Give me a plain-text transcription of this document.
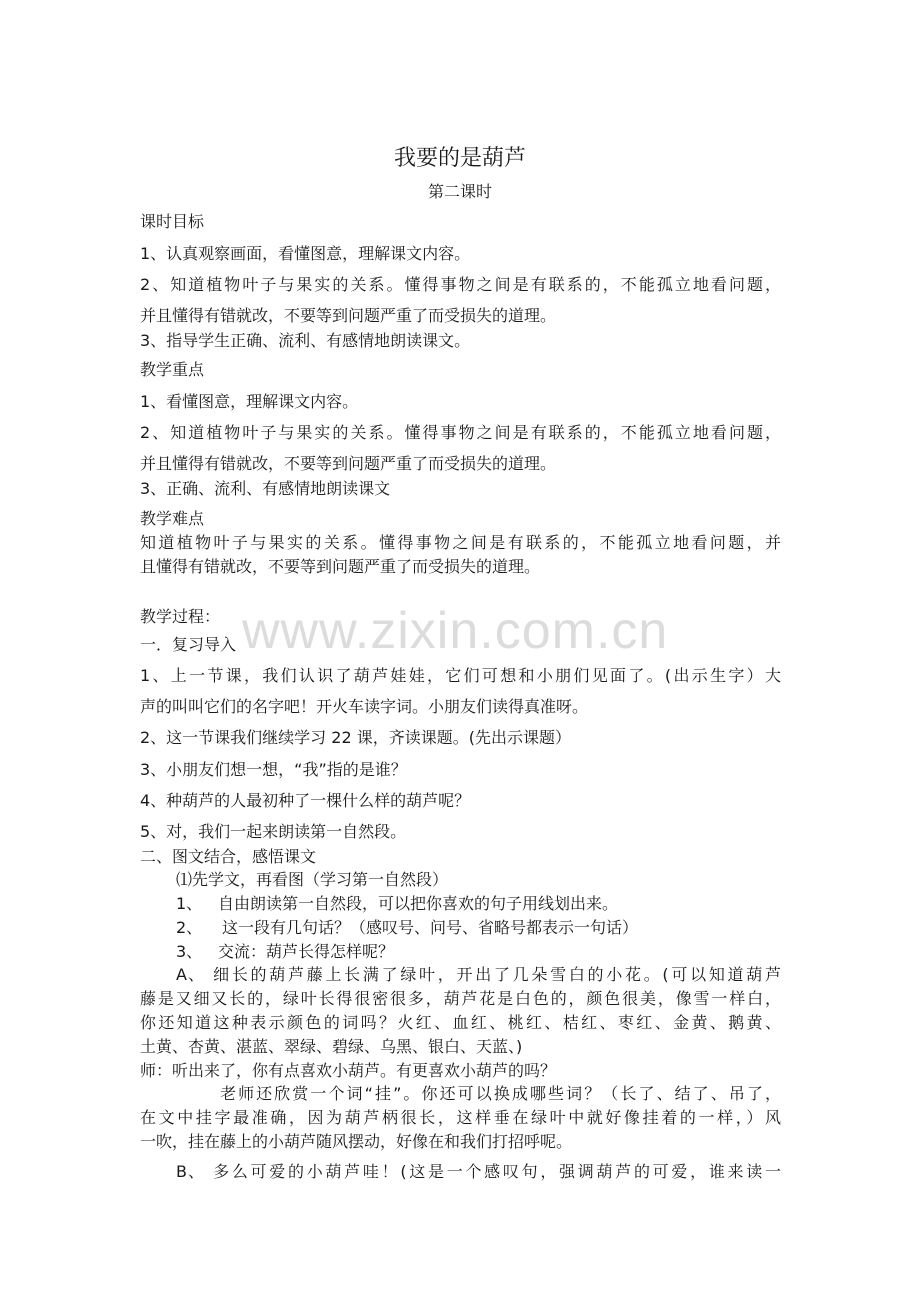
www.zixin.com.cn
我要的是葫芦
第二课时
课时目标
1、认真观察画面，看懂图意，理解课文内容。
2、知道植物叶子与果实的关系。懂得事物之间是有联系的，不能孤立地看问题，
并且懂得有错就改，不要等到问题严重了而受损失的道理。
3、指导学生正确、流利、有感情地朗读课文。
教学重点
1、看懂图意，理解课文内容。
2、知道植物叶子与果实的关系。懂得事物之间是有联系的，不能孤立地看问题，
并且懂得有错就改，不要等到问题严重了而受损失的道理。
3、正确、流利、有感情地朗读课文
教学难点
知道植物叶子与果实的关系。懂得事物之间是有联系的，不能孤立地看问题，并
且懂得有错就改，不要等到问题严重了而受损失的道理。
教学过程：
一．复习导入
1、上一节课，我们认识了葫芦娃娃，它们可想和小朋们见面了。(出示生字）大
声的叫叫它们的名字吧！开火车读字词。小朋友们读得真准呀。
2、这一节课我们继续学习 22 课，齐读课题。(先出示课题）
3、小朋友们想一想，“我”指的是谁？
4、种葫芦的人最初种了一棵什么样的葫芦呢？
5、对，我们一起来朗读第一自然段。
二、图文结合，感悟课文
⑴先学文，再看图（学习第一自然段）
1、 自由朗读第一自然段，可以把你喜欢的句子用线划出来。
2、 这一段有几句话？（感叹号、问号、省略号都表示一句话）
3、 交流：葫芦长得怎样呢？
A、   细长的葫芦藤上长满了绿叶，开出了几朵雪白的小花。(可以知道葫芦
藤是又细又长的，绿叶长得很密很多，葫芦花是白色的，颜色很美，像雪一样白，
你还知道这种表示颜色的词吗？火红、血红、桃红、桔红、枣红、金黄、鹅黄、
土黄、杏黄、湛蓝、翠绿、碧绿、乌黑、银白、天蓝、)
师：听出来了，你有点喜欢小葫芦。有更喜欢小葫芦的吗？
老师还欣赏一个词“挂”。你还可以换成哪些词？（长了、结了、吊了，
在文中挂字最准确，因为葫芦柄很长，这样垂在绿叶中就好像挂着的一样，）风
一吹，挂在藤上的小葫芦随风摆动，好像在和我们打招呼呢。
B、   多么可爱的小葫芦哇！(这是一个感叹句，强调葫芦的可爱，谁来读一
